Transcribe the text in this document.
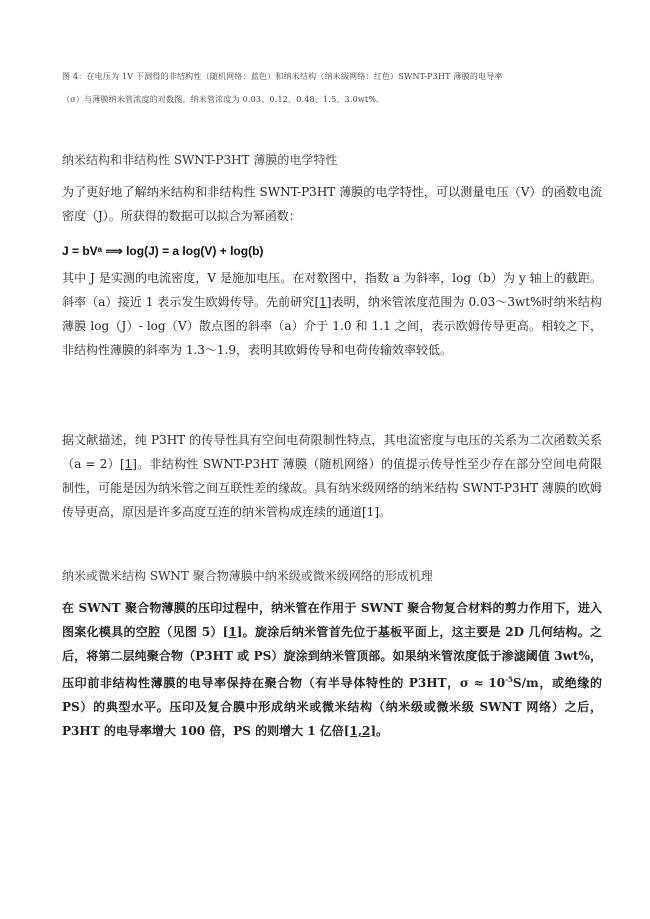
图 4：在电压为 1V 下测得的非结构性（随机网络：蓝色）和纳米结构（纳米级网络：红色）SWNT-P3HT 薄膜的电导率
（σ）与薄膜纳米管浓度的对数图。纳米管浓度为 0.03、0.12、0.48、1.5、3.0wt%。
纳米结构和非结构性 SWNT-P3HT 薄膜的电学特性
为了更好地了解纳米结构和非结构性 SWNT-P3HT 薄膜的电学特性，可以测量电压（V）的函数电流密度（J）。所获得的数据可以拟合为幂函数：
J = bVᵃ ⟹ log(J) = a log(V) + log(b)
其中 J 是实测的电流密度，V 是施加电压。在对数图中，指数 a 为斜率，log（b）为 y 轴上的截距。斜率（a）接近 1 表示发生欧姆传导。先前研究[1]表明，纳米管浓度范围为 0.03～3wt%时纳米结构薄膜 log（J）- log（V）散点图的斜率（a）介于 1.0 和 1.1 之间，表示欧姆传导更高。相较之下，非结构性薄膜的斜率为 1.3～1.9，表明其欧姆传导和电荷传输效率较低。
据文献描述，纯 P3HT 的传导性具有空间电荷限制性特点，其电流密度与电压的关系为二次函数关系（a = 2）[1]。非结构性 SWNT-P3HT 薄膜（随机网络）的值提示传导性至少存在部分空间电荷限制性，可能是因为纳米管之间互联性差的缘故。具有纳米级网络的纳米结构 SWNT-P3HT 薄膜的欧姆传导更高，原因是许多高度互连的纳米管构成连续的通道[1]。
纳米或微米结构 SWNT 聚合物薄膜中纳米级或微米级网络的形成机理
在 SWNT 聚合物薄膜的压印过程中，纳米管在作用于 SWNT 聚合物复合材料的剪力作用下，进入图案化模具的空腔（见图 5）[1]。旋涂后纳米管首先位于基板平面上，这主要是 2D 几何结构。之后，将第二层纯聚合物（P3HT 或 PS）旋涂到纳米管顶部。如果纳米管浓度低于渗滤阈值 3wt%，压印前非结构性薄膜的电导率保持在聚合物（有半导体特性的 P3HT，$\sigma \approx 10^{-5}S/m$，或绝缘的 PS）的典型水平。压印及复合膜中形成纳米或微米结构（纳米级或微米级 SWNT 网络）之后，P3HT 的电导率增大 100 倍，PS 的则增大 1 亿倍[1,2]。
